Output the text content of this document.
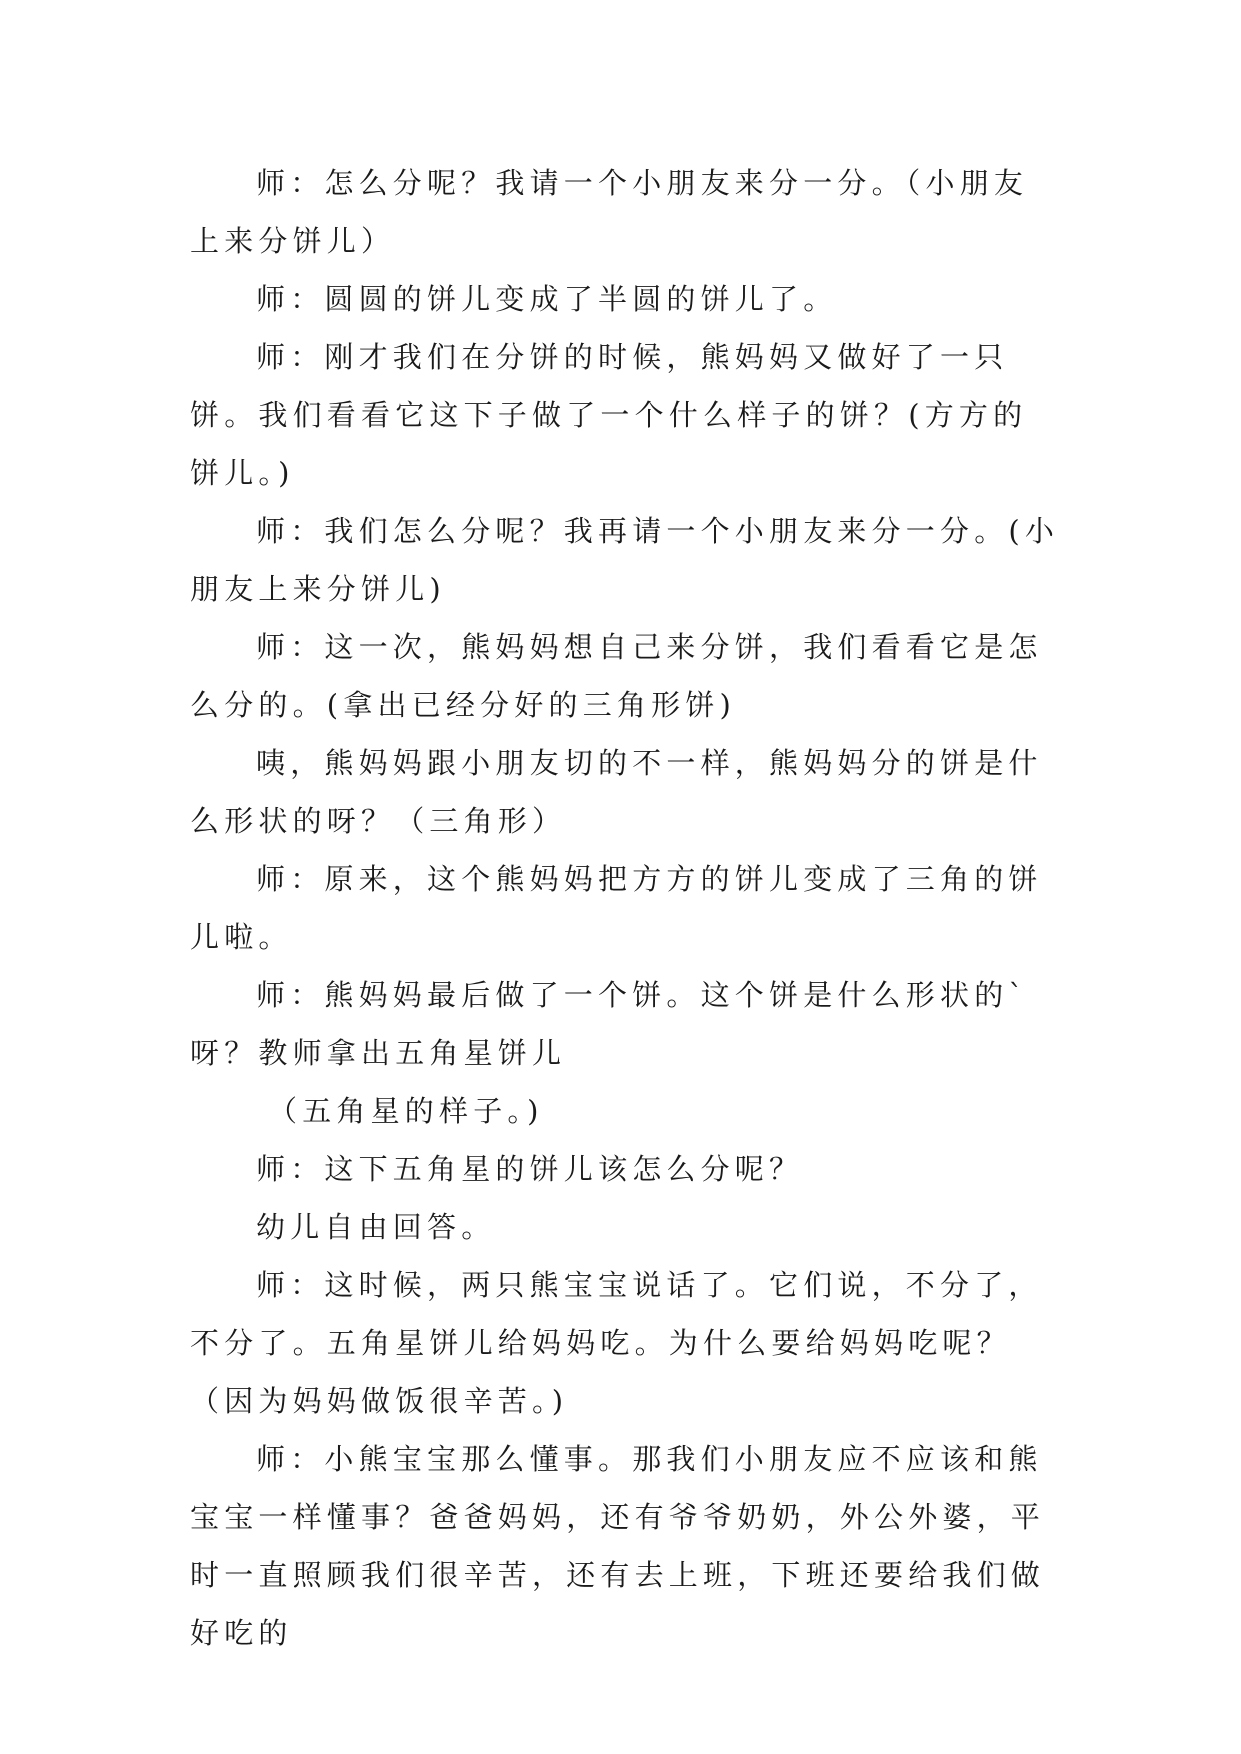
师：怎么分呢？我请一个小朋友来分一分。（小朋友上来分饼儿）

师：圆圆的饼儿变成了半圆的饼儿了。

师：刚才我们在分饼的时候，熊妈妈又做好了一只饼。我们看看它这下子做了一个什么样子的饼？(方方的饼儿。)

师：我们怎么分呢？我再请一个小朋友来分一分。(小朋友上来分饼儿)

师：这一次，熊妈妈想自己来分饼，我们看看它是怎么分的。(拿出已经分好的三角形饼)

咦，熊妈妈跟小朋友切的不一样，熊妈妈分的饼是什么形状的呀？（三角形）

师：原来，这个熊妈妈把方方的饼儿变成了三角的饼儿啦。

师：熊妈妈最后做了一个饼。这个饼是什么形状的`呀？教师拿出五角星饼儿

（五角星的样子。)

师：这下五角星的饼儿该怎么分呢？

幼儿自由回答。

师：这时候，两只熊宝宝说话了。它们说，不分了，不分了。五角星饼儿给妈妈吃。为什么要给妈妈吃呢？（因为妈妈做饭很辛苦。)

师：小熊宝宝那么懂事。那我们小朋友应不应该和熊宝宝一样懂事？爸爸妈妈，还有爷爷奶奶，外公外婆，平时一直照顾我们很辛苦，还有去上班，下班还要给我们做好吃的
